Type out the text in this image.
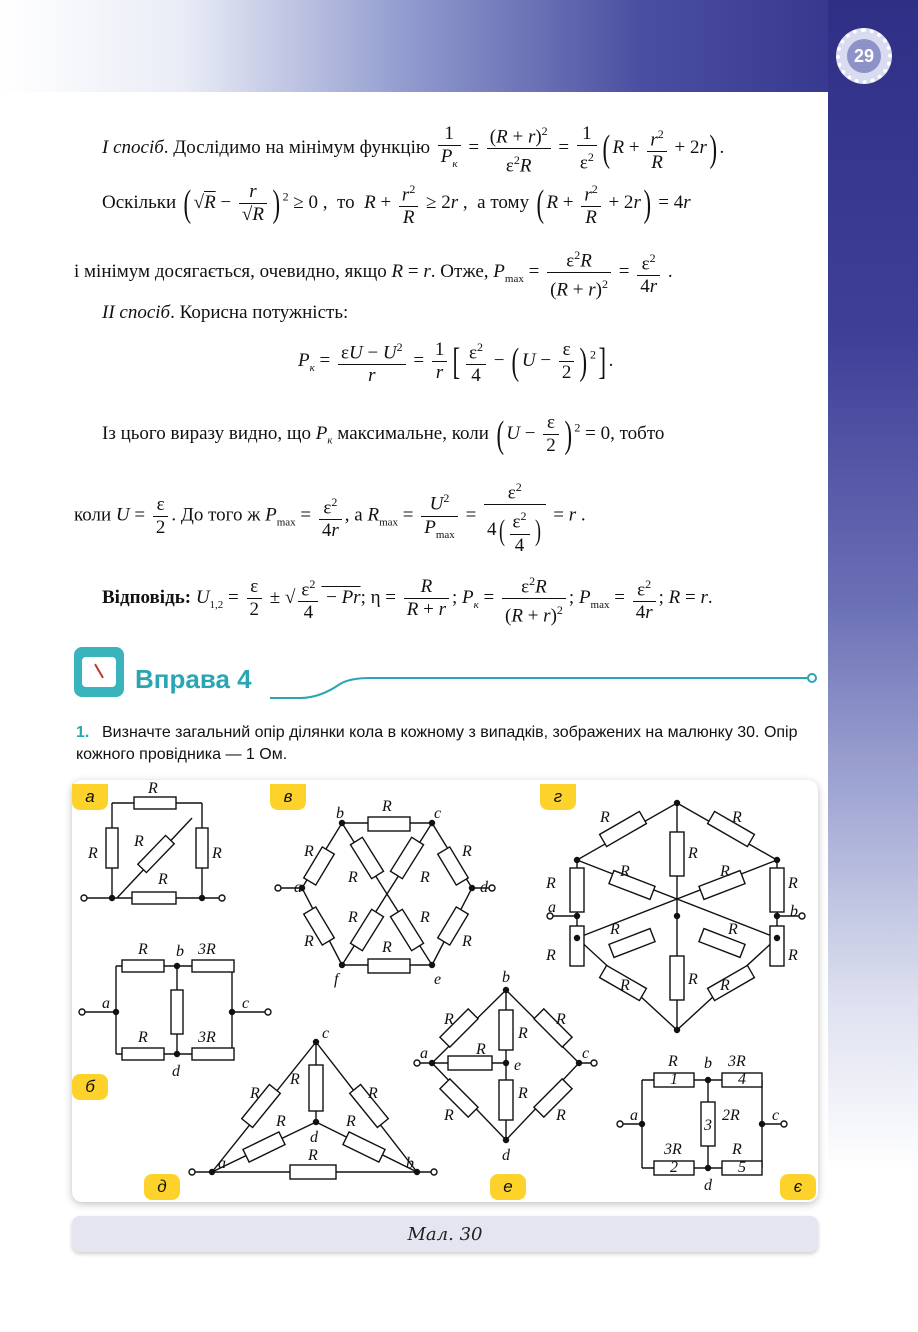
29
I спосіб. Дослідимо на мінімум функцію $\frac{1}{P_к} = \frac{(R + r)^2}{\varepsilon^2R} = \frac{1}{\varepsilon^2}$ ( $R + \frac{r^2}{R} + 2r$) .
Оскільки ( $√R - \frac{r}{√R}$ ) $^2$ ≥ 0 ,  то $R + \frac{r^2}{R} \ge 2r$ ,  а тому ( $R + \frac{r^2}{R} + 2r) = 4r$
і мінімум досягається, очевидно, якщо R = r. Отже, $P_{max} = \frac{\varepsilon^2R}{(R + r)^2} = \frac{\varepsilon^2}{4r}$ .
II спосіб. Корисна потужність:
$P_к = \frac{\varepsilon U - U^2}{r} = \frac{1}{r}$ [ $\frac{\varepsilon^2}{4}$ − ( $U - \frac{\varepsilon}{2}$ ) $^2$] .
Із цього виразу видно, що $P_к$ максимальне, коли ( $U - \frac{\varepsilon}{2}$ ) $^2$ = 0, тобто
коли $U = \frac{\varepsilon}{2}$ . До того ж $P_{max} = \frac{\varepsilon^2}{4r}$ , а $R_{max} = \frac{U^2}{P_{max}} = \frac{\varepsilon^2}{4( \frac{\varepsilon^2}{4} )} = r$ .
Відповідь: $U_{1,2} = \frac{\varepsilon}{2}$ ± √ $\frac{\varepsilon^2}{4} - Pr$; $\eta = \frac{R}{R + r}$ ; $P_к = \frac{\varepsilon^2R}{(R + r)^2}$ ; $P_{max} = \frac{\varepsilon^2}{4r}$ ; R = r.
Вправа 4
1. Визначте загальний опір ділянки кола в кожному з випадків, зображених на малюнку 30. Опір кожного провідника — 1 Ом.
R
R	R
R
R
R b 3R
a	c
R	3R
d
R
b	c
R	R
R	R
a	d
R	R
R	R
R
f	e
R	R
R
R	R
R	R
a	b
R	R
R	R
R
R	R
c
R
R	R
R	R
d
R
a	b
b
R	R
R
R
a	c
e
R
R	R
d
R b 3R
1	4
a	c
3
2R
3R	R
2	5
d
а	в	г
б
д	е	є
Мал. 30
